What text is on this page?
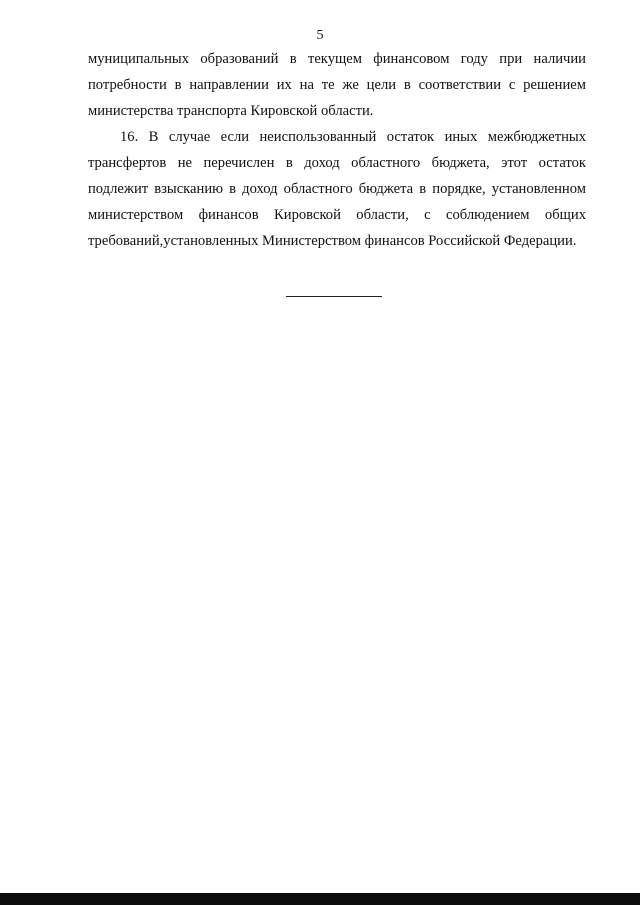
5

муниципальных образований в текущем финансовом году при наличии потребности в направлении их на те же цели в соответствии с решением министерства транспорта Кировской области.

16. В случае если неиспользованный остаток иных межбюджетных трансфертов не перечислен в доход областного бюджета, этот остаток подлежит взысканию в доход областного бюджета в порядке, установленном министерством финансов Кировской области, с соблюдением общих требований,установленных Министерством финансов Российской Федерации.
